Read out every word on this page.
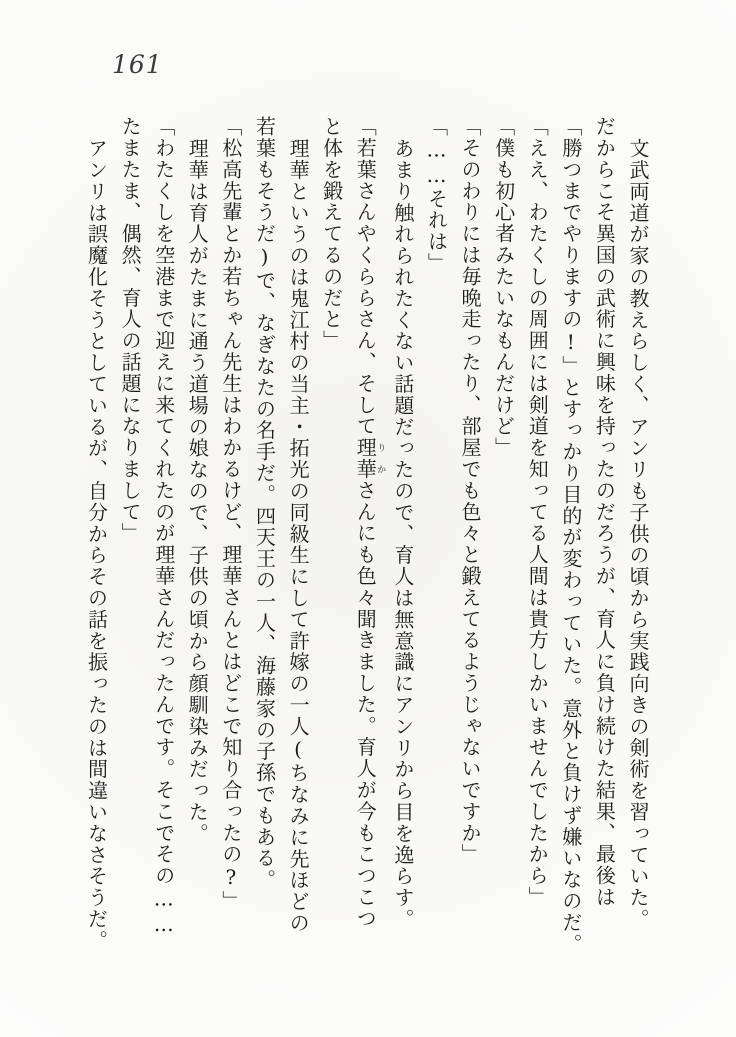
161
文武両道が家の教えらしく、アンリも子供の頃から実践向きの剣術を習っていた。
だからこそ異国の武術に興味を持ったのだろうが、育人に負け続けた結果、最後は
「勝つまでやりますの!」とすっかり目的が変わっていた。意外と負けず嫌いなのだ。
「ええ、わたくしの周囲には剣道を知ってる人間は貴方しかいませんでしたから」
「僕も初心者みたいなもんだけど」
「そのわりには毎晩走ったり、部屋でも色々と鍛えてるようじゃないですか」
「……それは」
あまり触れられたくない話題だったので、育人は無意識にアンリから目を逸らす。
「若葉さんやくららさん、そして理華りかさんにも色々聞きました。育人が今もこつこつ
と体を鍛えてるのだと」
理華というのは鬼江村の当主・拓光の同級生にして許嫁の一人(ちなみに先ほどの
若葉もそうだ)で、なぎなたの名手だ。四天王の一人、海藤家の子孫でもある。
「松高先輩とか若ちゃん先生はわかるけど、理華さんとはどこで知り合ったの?」
理華は育人がたまに通う道場の娘なので、子供の頃から顔馴染みだった。
「わたくしを空港まで迎えに来てくれたのが理華さんだったんです。そこでその……
たまたま、偶然、育人の話題になりまして」
アンリは誤魔化そうとしているが、自分からその話を振ったのは間違いなさそうだ。
